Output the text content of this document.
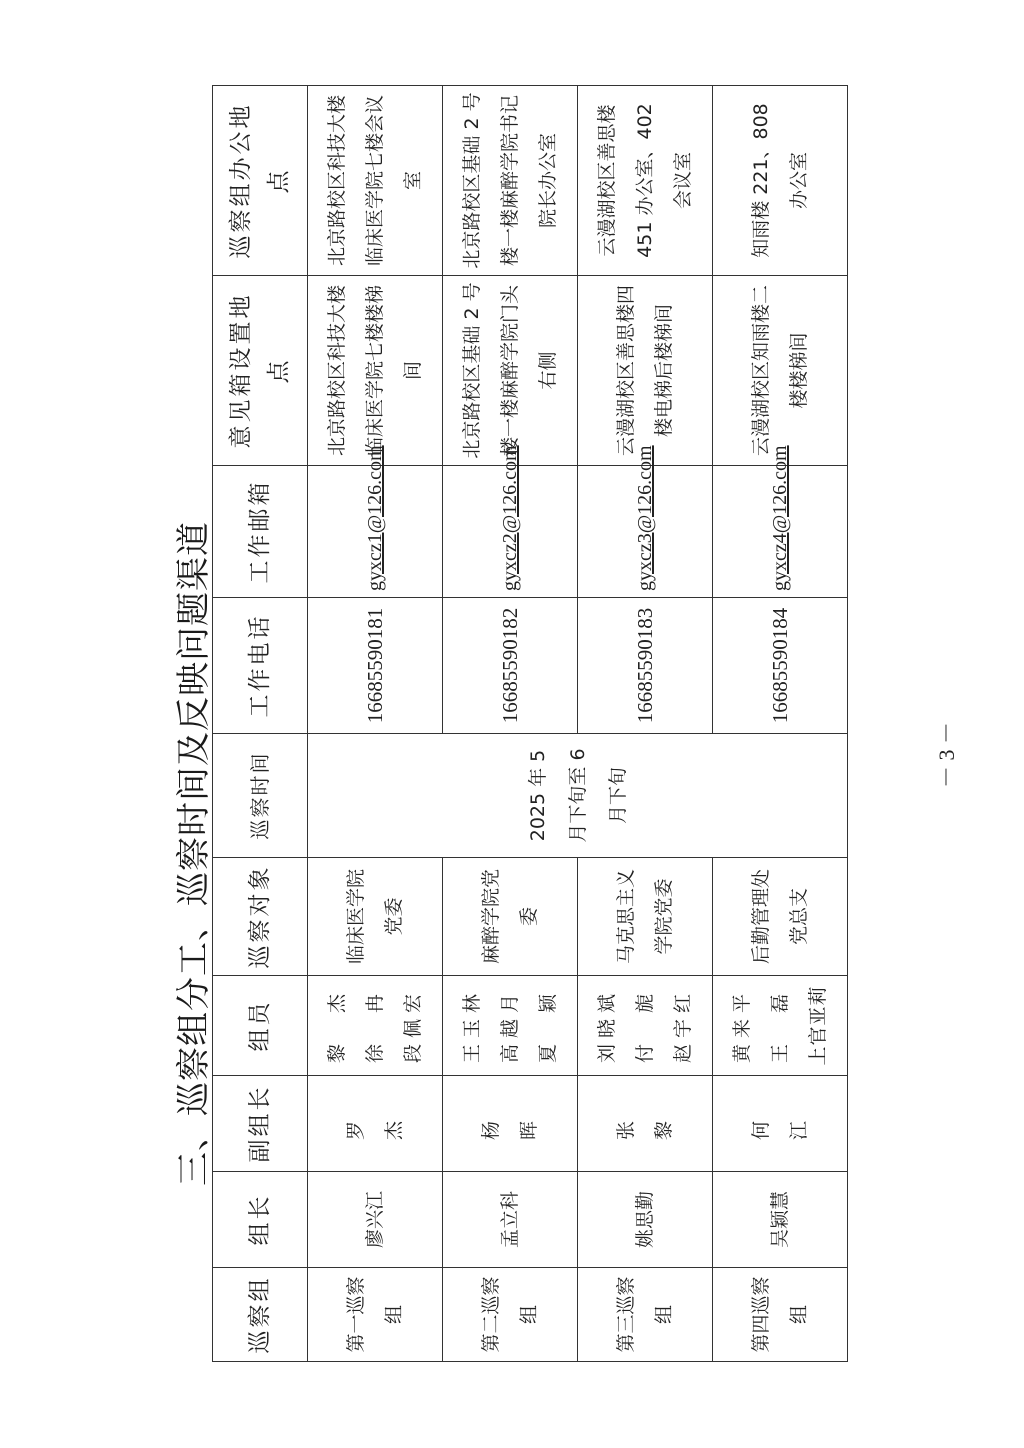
三、巡察组分工、巡察时间及反映问题渠道
巡察组	组长	副组长	组员	巡察对象	巡察时间	工作电话	工作邮箱	意见箱设置地点	巡察组办公地点
第一巡察组	廖兴江	罗　杰	黎　杰 徐　冉 段佩宏	临床医学院党委	2025 年 5 月下旬至 6 月下旬	16685590181	gyxcz1@126.com	北京路校区科技大楼临床医学院七楼楼梯间	北京路校区科技大楼临床医学院七楼会议室
第二巡察组	孟立科	杨　晖	王玉林 高越月 夏　颖	麻醉学院党委		16685590182	gyxcz2@126.com	北京路校区基础 2 号楼一楼麻醉学院门头右侧	北京路校区基础 2 号楼一楼麻醉学院书记院长办公室
第三巡察组	姚思勤	张　黎	刘晓斌 付　旎 赵宇红	马克思主义学院党委		16685590183	gyxcz3@126.com	云漫湖校区善思楼四楼电梯后楼梯间	云漫湖校区善思楼 451 办公室、402 会议室
第四巡察组	吴颖慧	何　江	黄来平 王　磊 上官亚莉	后勤管理处党总支		16685590184	gyxcz4@126.com	云漫湖校区知雨楼二楼楼梯间	知雨楼 221、808 办公室
－ 3 －
